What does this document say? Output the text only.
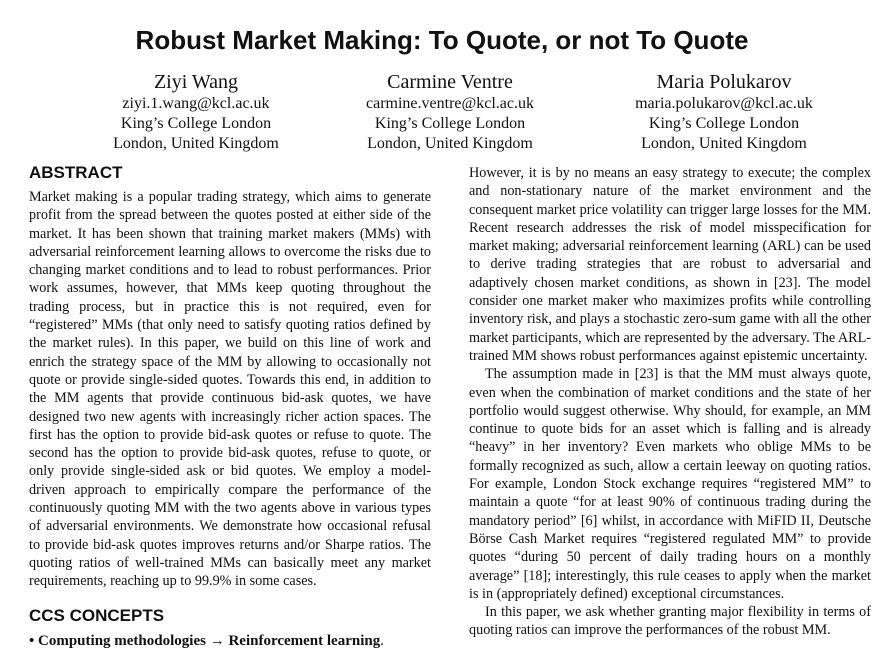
Robust Market Making: To Quote, or not To Quote
Ziyi Wang
ziyi.1.wang@kcl.ac.uk
King’s College London
London, United Kingdom
Carmine Ventre
carmine.ventre@kcl.ac.uk
King’s College London
London, United Kingdom
Maria Polukarov
maria.polukarov@kcl.ac.uk
King’s College London
London, United Kingdom
ABSTRACT

Market making is a popular trading strategy, which aims to generate profit from the spread between the quotes posted at either side of the market. It has been shown that training market makers (MMs) with adversarial reinforcement learning allows to overcome the risks due to changing market conditions and to lead to robust performances. Prior work assumes, however, that MMs keep quoting throughout the trading process, but in practice this is not required, even for “registered” MMs (that only need to satisfy quoting ratios defined by the market rules). In this paper, we build on this line of work and enrich the strategy space of the MM by allowing to occasionally not quote or provide single-sided quotes. Towards this end, in addition to the MM agents that provide continuous bid-ask quotes, we have designed two new agents with increasingly richer action spaces. The first has the option to provide bid-ask quotes or refuse to quote. The second has the option to provide bid-ask quotes, refuse to quote, or only provide single-sided ask or bid quotes. We employ a model-driven approach to empirically compare the performance of the continuously quoting MM with the two agents above in various types of adversarial environments. We demonstrate how occasional refusal to provide bid-ask quotes improves returns and/or Sharpe ratios. The quoting ratios of well-trained MMs can basically meet any market requirements, reaching up to 99.9% in some cases.

CCS CONCEPTS

• Computing methodologies → Reinforcement learning.

However, it is by no means an easy strategy to execute; the complex and non-stationary nature of the market environment and the consequent market price volatility can trigger large losses for the MM. Recent research addresses the risk of model misspecification for market making; adversarial reinforcement learning (ARL) can be used to derive trading strategies that are robust to adversarial and adaptively chosen market conditions, as shown in [23]. The model consider one market maker who maximizes profits while controlling inventory risk, and plays a stochastic zero-sum game with all the other market participants, which are represented by the adversary. The ARL-trained MM shows robust performances against epistemic uncertainty.

The assumption made in [23] is that the MM must always quote, even when the combination of market conditions and the state of her portfolio would suggest otherwise. Why should, for example, an MM continue to quote bids for an asset which is falling and is already “heavy” in her inventory? Even markets who oblige MMs to be formally recognized as such, allow a certain leeway on quoting ratios. For example, London Stock exchange requires “registered MM” to maintain a quote “for at least 90% of continuous trading during the mandatory period” [6] whilst, in accordance with MiFID II, Deutsche Börse Cash Market requires “registered regulated MM” to provide quotes “during 50 percent of daily trading hours on a monthly average” [18]; interestingly, this rule ceases to apply when the market is in (appropriately defined) exceptional circumstances.

In this paper, we ask whether granting major flexibility in terms of quoting ratios can improve the performances of the robust MM.
